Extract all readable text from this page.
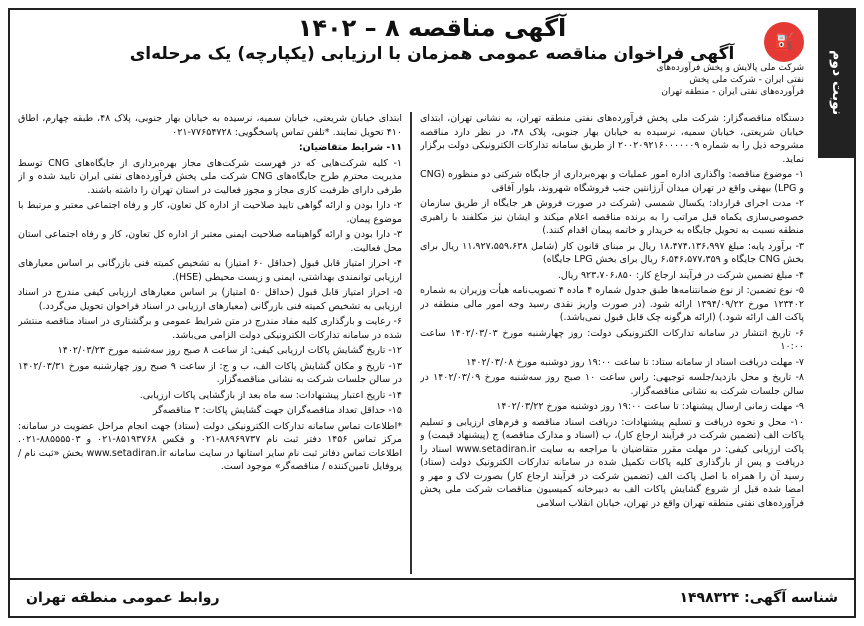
نوبت دوم
⛽
شرکت ملی پالایش و پخش فرآورده‌های نفتی ایران - شرکت ملی پخش فرآورده‌های نفتی ایران - منطقه تهران
آگهی مناقصه ۸ – ۱۴۰۲
آگهی فراخوان مناقصه عمومی همزمان با ارزیابی (یکپارچه) یک مرحله‌ای

دستگاه مناقصه‌گزار: شرکت ملی پخش فرآورده‌های نفتی منطقه تهران، به نشانی تهران، ابتدای خیابان شریعتی، خیابان سمیه، نرسیده به خیابان بهار جنوبی، پلاک ۴۸، در نظر دارد مناقصه مشروحه ذیل را به شماره ۲۰۰۲۰۹۲۱۶۰۰۰۰۰۰۹ از طریق سامانه تدارکات الکترونیکی دولت برگزار نماید.

۱- موضوع مناقصه: واگذاری اداره امور عملیات و بهره‌برداری از جایگاه شرکتی دو منظوره (CNG و LPG) بیهقی واقع در تهران میدان آرژانتین جنب فروشگاه شهروند، بلوار آفاقی

۲- مدت اجرای قرارداد: یکسال شمسی (شرکت در صورت فروش هر جایگاه از طریق سازمان خصوصی‌سازی یکماه قبل مراتب را به برنده مناقصه اعلام میکند و ایشان نیز مکلفند با راهبری منطقه نسبت به تحویل جایگاه به خریدار و خاتمه پیمان اقدام کنند.)

۳- برآورد پایه: مبلغ ۱۸،۴۷۴،۱۳۶،۹۹۷ ریال بر مبنای قانون کار (شامل ۱۱،۹۲۷،۵۵۹،۶۳۸ ریال برای بخش CNG جایگاه و ۶،۵۴۶،۵۷۷،۳۵۹ ریال برای بخش LPG جایگاه)

۴- مبلغ تضمین شرکت در فرآیند ارجاع کار: ۹۲۳،۷۰۶،۸۵۰ ریال.

۵- نوع تضمین: از نوع ضمانتنامه‌ها طبق جدول شماره ۴ ماده ۴ تصویب‌نامه هیأت وزیران به شماره ۱۲۳۴۰۲ مورخ ۱۳۹۴/۰۹/۲۲ ارائه شود. (در صورت واریز نقدی رسید وجه امور مالی منطقه در پاکت الف ارائه شود.) (ارائه هرگونه چک قابل قبول نمی‌باشد.)

۶- تاریخ انتشار در سامانه تدارکات الکترونیکی دولت: روز چهارشنبه مورخ ۱۴۰۲/۰۳/۰۳ ساعت ۱۰:۰۰

۷- مهلت دریافت اسناد از سامانه ستاد: تا ساعت ۱۹:۰۰ روز دوشنبه مورخ ۱۴۰۲/۰۳/۰۸

۸- تاریخ و محل بازدید/جلسه توجیهی: راس ساعت ۱۰ صبح روز سه‌شنبه مورخ ۱۴۰۲/۰۳/۰۹ در سالن جلسات شرکت به نشانی مناقصه‌گزار.

۹- مهلت زمانی ارسال پیشنهاد: تا ساعت ۱۹:۰۰ روز دوشنبه مورخ ۱۴۰۲/۰۳/۲۲

۱۰- محل و نحوه دریافت و تسلیم پیشنهادات: دریافت اسناد مناقصه و فرم‌های ارزیابی و تسلیم پاکات الف (تضمین شرکت در فرآیند ارجاع کار)، ب (اسناد و مدارک مناقصه) ج (پیشنهاد قیمت) و پاکت ارزیابی کیفی: در مهلت مقرر متقاضیان با مراجعه به سایت www.setadiran.ir اسناد را دریافت و پس از بارگذاری کلیه پاکات تکمیل شده در سامانه تدارکات الکترونیک دولت (ستاد) رسید آن را همراه با اصل پاکت الف (تضمین شرکت در فرآیند ارجاع کار) بصورت لاک و مهر و امضا شده قبل از شروع گشایش پاکات الف به دبیرخانه کمیسیون مناقصات شرکت ملی پخش فرآورده‌های نفتی منطقه تهران واقع در تهران، خیابان انقلاب اسلامی

ابتدای خیابان شریعتی، خیابان سمیه، نرسیده به خیابان بهار جنوبی، پلاک ۴۸، طبقه چهارم، اطاق ۴۱۰ تحویل نمایند. *تلفن تماس پاسخگویی: ۷۷۶۵۴۷۲۸-۰۲۱

۱۱- شرایط متقاضیان:

۱- کلیه شرکت‌هایی که در فهرست شرکت‌های مجاز بهره‌برداری از جایگاه‌های CNG توسط مدیریت محترم طرح جایگاه‌های CNG شرکت ملی پخش فرآورده‌های نفتی ایران تایید شده و از طرفی دارای ظرفیت کاری مجاز و مجوز فعالیت در استان تهران را داشته باشند.

۲- دارا بودن و ارائه گواهی تایید صلاحیت از اداره کل تعاون، کار و رفاه اجتماعی معتبر و مرتبط با موضوع پیمان.

۳- دارا بودن و ارائه گواهینامه صلاحیت ایمنی معتبر از اداره کل تعاون، کار و رفاه اجتماعی استان محل فعالیت.

۴- احراز امتیاز قابل قبول (حداقل ۶۰ امتیاز) به تشخیص کمیته فنی بازرگانی بر اساس معیارهای ارزیابی توانمندی بهداشتی، ایمنی و زیست محیطی (HSE).

۵- احراز امتیاز قابل قبول (حداقل ۵۰ امتیاز) بر اساس معیارهای ارزیابی کیفی مندرج در اسناد ارزیابی به تشخیص کمیته فنی بازرگانی (معیارهای ارزیابی در اسناد فراخوان تحویل می‌گردد.)

۶- رعایت و بارگذاری کلیه مفاد مندرج در متن شرایط عمومی و برگشتاری در اسناد مناقصه منتشر شده در سامانه تدارکات الکترونیکی دولت الزامی می‌باشد.

۱۲- تاریخ گشایش پاکات ارزیابی کیفی: از ساعت ۸ صبح روز سه‌شنبه مورخ ۱۴۰۲/۰۳/۲۳

۱۳- تاریخ و مکان گشایش پاکات الف، ب و ج: از ساعت ۹ صبح روز چهارشنبه مورخ ۱۴۰۲/۰۳/۳۱ در سالن جلسات شرکت به نشانی مناقصه‌گزار.

۱۴- تاریخ اعتبار پیشنهادات: سه ماه بعد از بازگشایی پاکات ارزیابی.

۱۵- حداقل تعداد مناقصه‌گران جهت گشایش پاکات: ۳ مناقصه‌گر

*اطلاعات تماس سامانه تدارکات الکترونیکی دولت (ستاد) جهت انجام مراحل عضویت در سامانه: مرکز تماس ۱۴۵۶ دفتر ثبت نام ۸۸۹۶۹۷۳۷-۰۲۱ و فکس ۸۵۱۹۳۷۶۸-۰۲۱ و ۸۸۵۵۵۵۰۳-۰۲۱. اطلاعات تماس دفاتر ثبت نام سایر استانها در سایت سامانه www.setadiran.ir بخش «ثبت نام / پروفایل تامین‌کننده / مناقصه‌گر» موجود است.

شناسه آگهی: ۱۴۹۸۳۲۴
روابط عمومی منطقه تهران
